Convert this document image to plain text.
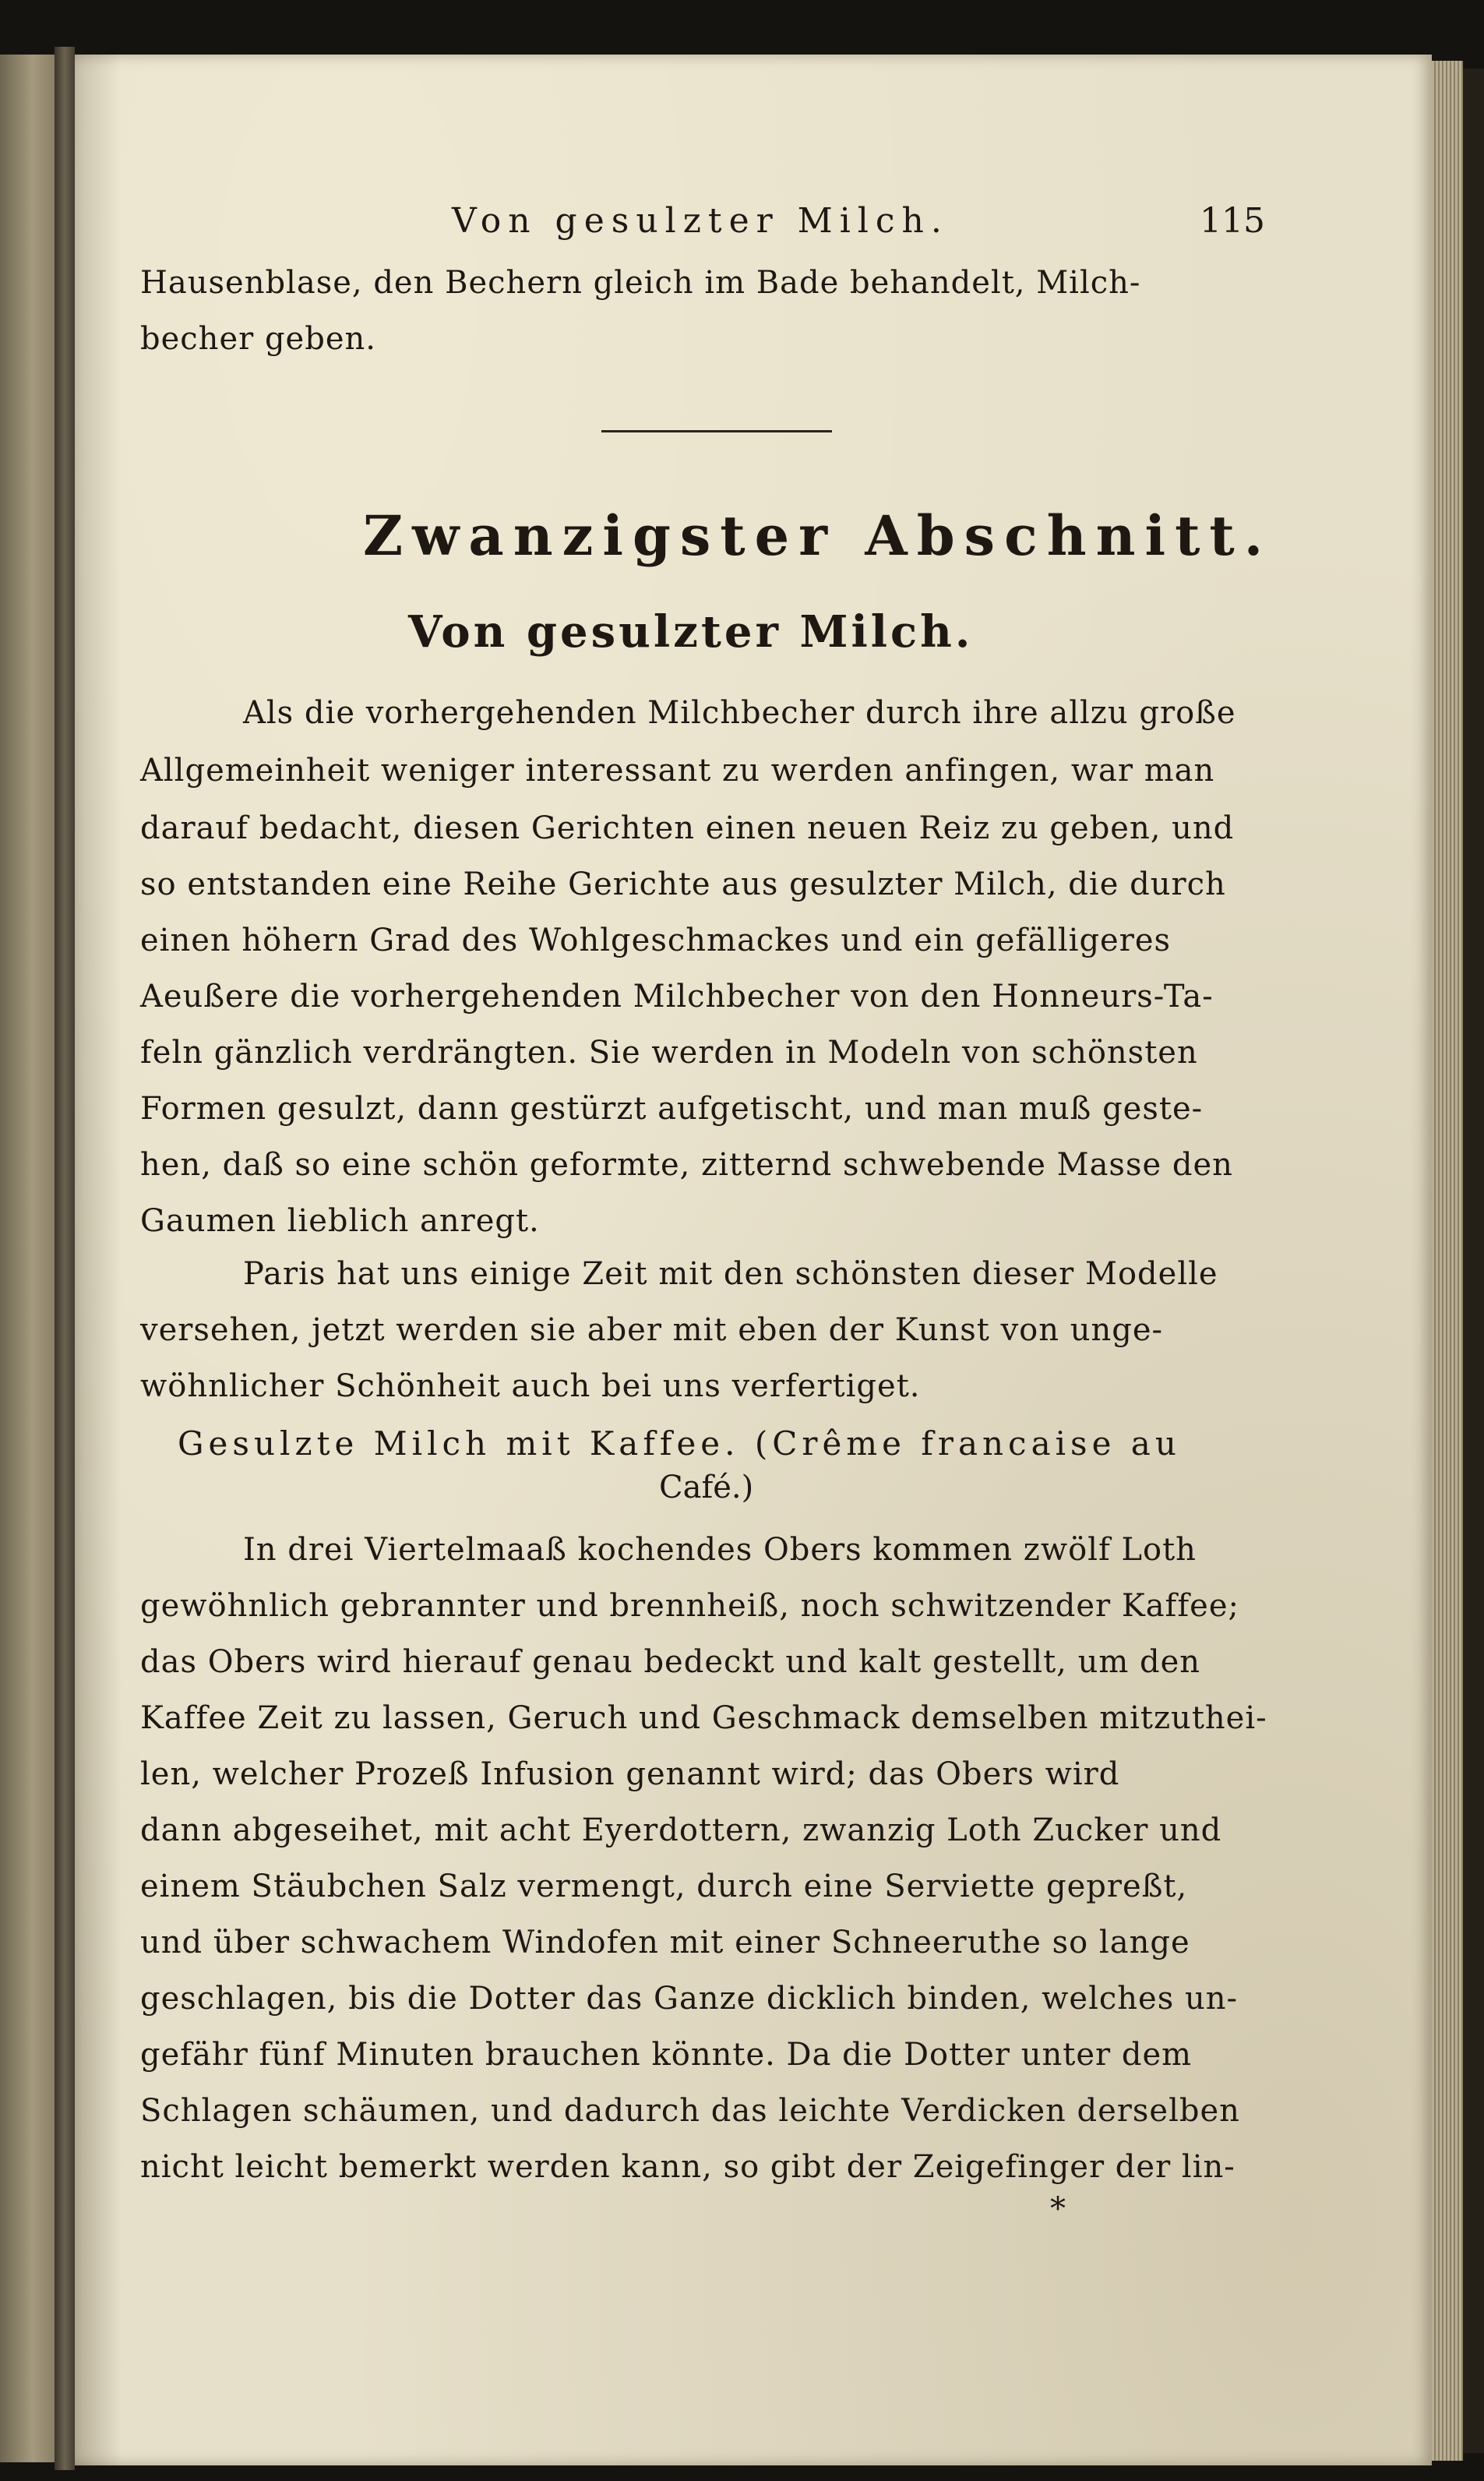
Von gesulzter Milch.	115
Hausenblase, den Bechern gleich im Bade behandelt, Milch-
becher geben.
Zwanzigster Abschnitt.
Von gesulzter Milch.
Als die vorhergehenden Milchbecher durch ihre allzu große
Allgemeinheit weniger interessant zu werden anfingen, war man
darauf bedacht, diesen Gerichten einen neuen Reiz zu geben, und
so entstanden eine Reihe Gerichte aus gesulzter Milch, die durch
einen höhern Grad des Wohlgeschmackes und ein gefälligeres
Aeußere die vorhergehenden Milchbecher von den Honneurs-Ta-
feln gänzlich verdrängten. Sie werden in Modeln von schönsten
Formen gesulzt, dann gestürzt aufgetischt, und man muß geste-
hen, daß so eine schön geformte, zitternd schwebende Masse den
Gaumen lieblich anregt.
Paris hat uns einige Zeit mit den schönsten dieser Modelle
versehen, jetzt werden sie aber mit eben der Kunst von unge-
wöhnlicher Schönheit auch bei uns verfertiget.
Gesulzte Milch mit Kaffee. (Crême francaise au
Café.)
In drei Viertelmaaß kochendes Obers kommen zwölf Loth
gewöhnlich gebrannter und brennheiß, noch schwitzender Kaffee;
das Obers wird hierauf genau bedeckt und kalt gestellt, um den
Kaffee Zeit zu lassen, Geruch und Geschmack demselben mitzuthei-
len, welcher Prozeß Infusion genannt wird; das Obers wird
dann abgeseihet, mit acht Eyerdottern, zwanzig Loth Zucker und
einem Stäubchen Salz vermengt, durch eine Serviette gepreßt,
und über schwachem Windofen mit einer Schneeruthe so lange
geschlagen, bis die Dotter das Ganze dicklich binden, welches un-
gefähr fünf Minuten brauchen könnte. Da die Dotter unter dem
Schlagen schäumen, und dadurch das leichte Verdicken derselben
nicht leicht bemerkt werden kann, so gibt der Zeigefinger der lin-
*
